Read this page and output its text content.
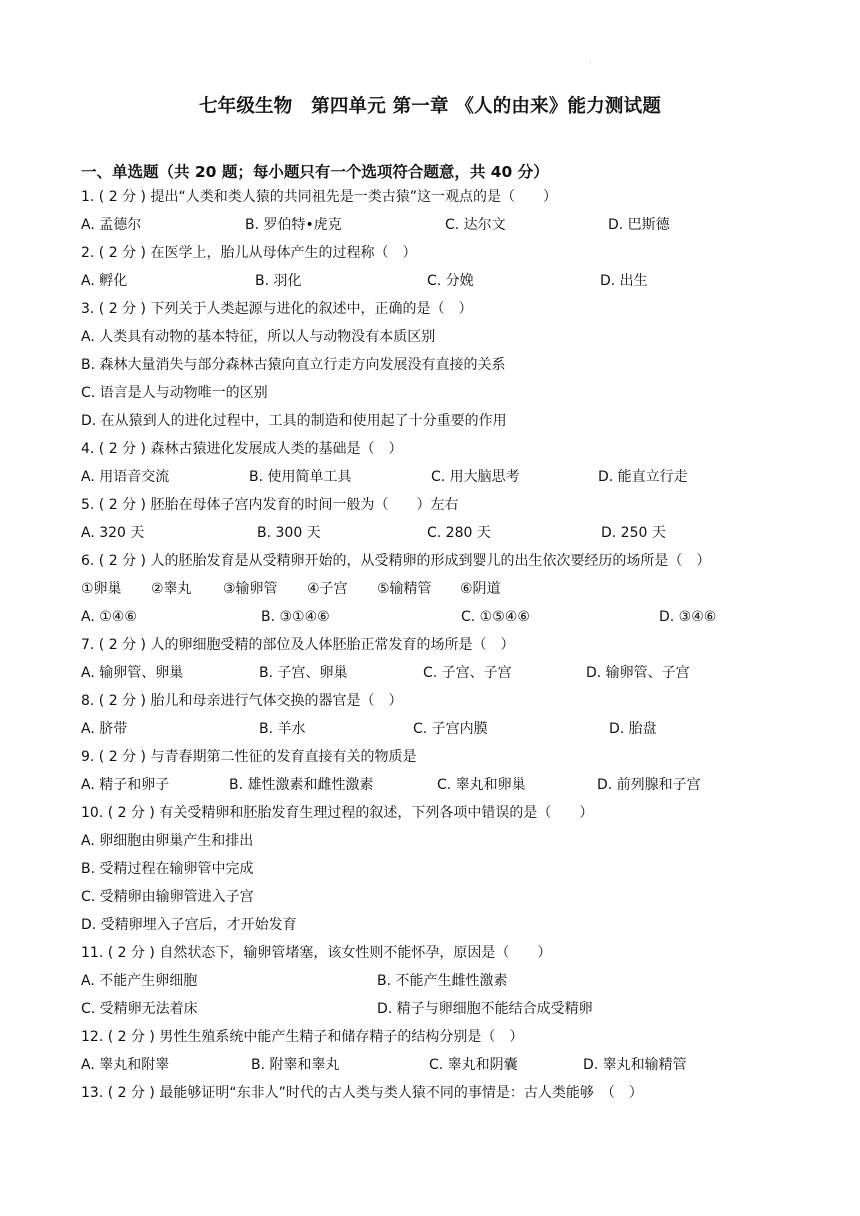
·
七年级生物　第四单元 第一章 《人的由来》能力测试题
一、单选题（共 20 题；每小题只有一个选项符合题意，共 40 分）
1. ( 2 分 ) 提出“人类和类人猿的共同祖先是一类古猿”这一观点的是（　　）
A. 孟德尔	B. 罗伯特•虎克	C. 达尔文	D. 巴斯德
2. ( 2 分 ) 在医学上，胎儿从母体产生的过程称（　）
A. 孵化	B. 羽化	C. 分娩	D. 出生
3. ( 2 分 ) 下列关于人类起源与进化的叙述中，正确的是（　）
A. 人类具有动物的基本特征，所以人与动物没有本质区别
B. 森林大量消失与部分森林古猿向直立行走方向发展没有直接的关系
C. 语言是人与动物唯一的区别
D. 在从猿到人的进化过程中，工具的制造和使用起了十分重要的作用
4. ( 2 分 ) 森林古猿进化发展成人类的基础是（　）
A. 用语音交流	B. 使用简单工具	C. 用大脑思考	D. 能直立行走
5. ( 2 分 ) 胚胎在母体子宫内发育的时间一般为（　　）左右
A. 320 天	B. 300 天	C. 280 天	D. 250 天
6. ( 2 分 ) 人的胚胎发育是从受精卵开始的，从受精卵的形成到婴儿的出生依次要经历的场所是（　）
①卵巢 ②睾丸 ③输卵管 ④子宫 ⑤输精管 ⑥阴道
A. ①④⑥	B. ③①④⑥	C. ①⑤④⑥	D. ③④⑥
7. ( 2 分 ) 人的卵细胞受精的部位及人体胚胎正常发育的场所是（　）
A. 输卵管、卵巢	B. 子宫、卵巢	C. 子宫、子宫	D. 输卵管、子宫
8. ( 2 分 ) 胎儿和母亲进行气体交换的器官是（　）
A. 脐带	B. 羊水	C. 子宫内膜	D. 胎盘
9. ( 2 分 ) 与青春期第二性征的发育直接有关的物质是
A. 精子和卵子	B. 雄性激素和雌性激素	C. 睾丸和卵巢	D. 前列腺和子宫
10. ( 2 分 ) 有关受精卵和胚胎发育生理过程的叙述，下列各项中错误的是（　　）
A. 卵细胞由卵巢产生和排出
B. 受精过程在输卵管中完成
C. 受精卵由输卵管进入子宫
D. 受精卵埋入子宫后，才开始发育
11. ( 2 分 ) 自然状态下，输卵管堵塞，该女性则不能怀孕，原因是（　　）
A. 不能产生卵细胞	B. 不能产生雌性激素
C. 受精卵无法着床	D. 精子与卵细胞不能结合成受精卵
12. ( 2 分 ) 男性生殖系统中能产生精子和储存精子的结构分别是（　）
A. 睾丸和附睾	B. 附睾和睾丸	C. 睾丸和阴囊	D. 睾丸和输精管
13. ( 2 分 ) 最能够证明“东非人”时代的古人类与类人猿不同的事情是：古人类能够　（　）
